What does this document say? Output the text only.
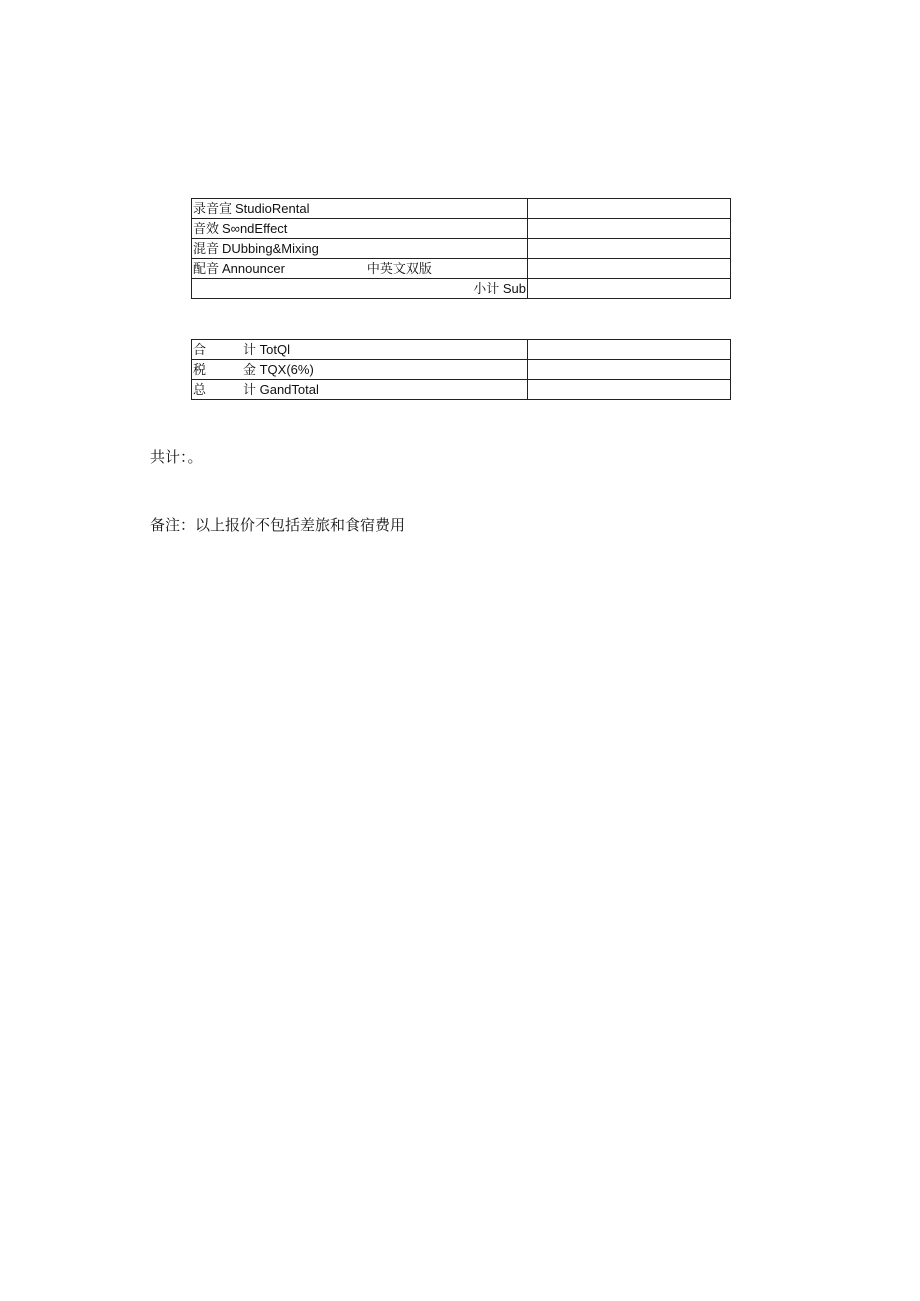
录音宣 StudioRental	
音效 S∞ndEffect	
混音 DUbbing&Mixing	
配音 Announcer 中英文双版	
小计 Sub	
合 计 TotQl	
税 金 TQX(6%)	
总 计 GandTotal	
共计：。
备注：以上报价不包括差旅和食宿费用
